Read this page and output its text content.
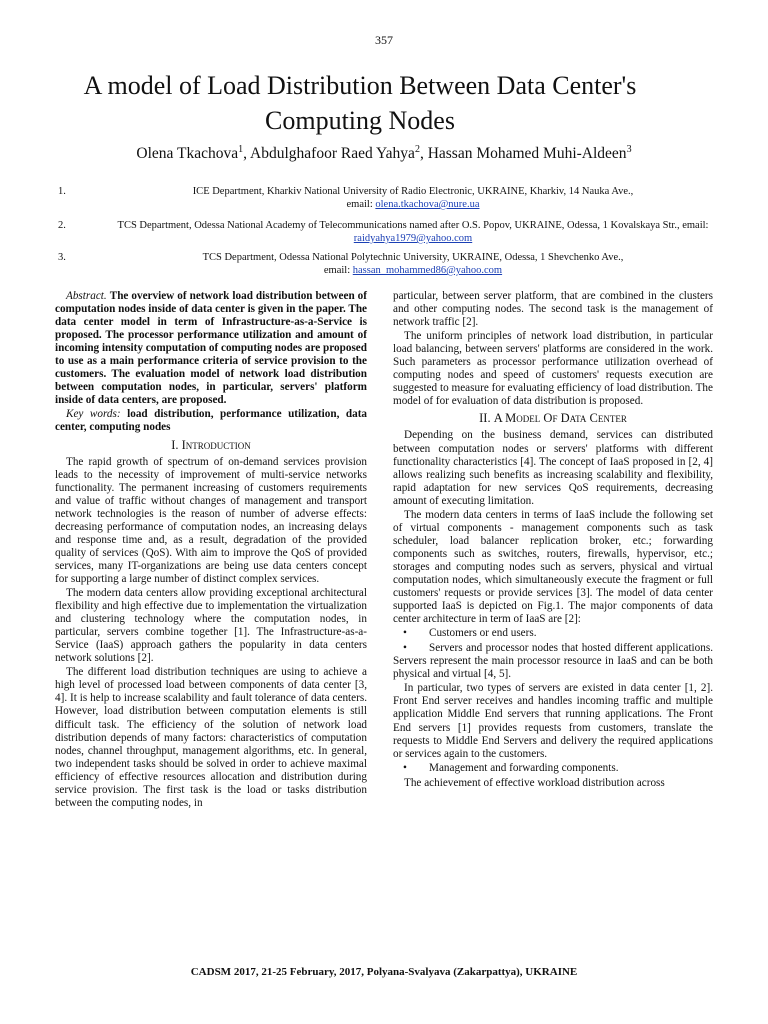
357
A model of Load Distribution Between Data Center's
Computing Nodes
Olena Tkachova$^1$, Abdulghafoor Raed Yahya$^2$, Hassan Mohamed Muhi-Aldeen$^3$
1.	ICE Department, Kharkiv National University of Radio Electronic, UKRAINE, Kharkiv, 14 Nauka Ave.,
email: olena.tkachova@nure.ua
2.	TCS Department, Odessa National Academy of Telecommunications named after O.S. Popov, UKRAINE, Odessa, 1 Kovalskaya Str., email: raidyahya1979@yahoo.com
3.	TCS Department, Odessa National Polytechnic University, UKRAINE, Odessa, 1 Shevchenko Ave.,
email: hassan_mohammed86@yahoo.com

Abstract. The overview of network load distribution between of computation nodes inside of data center is given in the paper. The data center model in term of Infrastructure-as-a-Service is proposed. The processor performance utilization and amount of incoming intensity computation of computing nodes are proposed to use as a main performance criteria of service provision to the customers. The evaluation model of network load distribution between computation nodes, in particular, servers' platform inside of data centers, are proposed.

Key words: load distribution, performance utilization, data center, computing nodes

I. Introduction

The rapid growth of spectrum of on-demand services provision leads to the necessity of improvement of multi-service networks functionality. The permanent increasing of customers requirements and value of traffic without changes of management and transport network technologies is the reason of number of adverse effects: decreasing performance of computation nodes, an increasing delays and response time and, as a result, degradation of the provided quality of services (QoS). With aim to improve the QoS of provided services, many IT-organizations are being use data centers concept for supporting a large number of distinct complex services.

The modern data centers allow providing exceptional architectural flexibility and high effective due to implementation the virtualization and clustering technology where the computation nodes, in particular, servers combine together [1]. The Infrastructure-as-a-Service (IaaS) approach gathers the popularity in data centers network solutions [2].

The different load distribution techniques are using to achieve a high level of processed load between components of data center [3, 4]. It is help to increase scalability and fault tolerance of data centers. However, load distribution between computation elements is still difficult task. The efficiency of the solution of network load distribution depends of many factors: characteristics of computation nodes, channel throughput, management algorithms, etc. In general, two independent tasks should be solved in order to achieve maximal efficiency of effective resources allocation and distribution during service provision. The first task is the load or tasks distribution between the computing nodes, in

particular, between server platform, that are combined in the clusters and other computing nodes. The second task is the management of network traffic [2].

The uniform principles of network load distribution, in particular load balancing, between servers' platforms are considered in the work. Such parameters as processor performance utilization overhead of computing nodes and speed of customers' requests execution are suggested to measure for evaluating efficiency of load distribution. The model of for evaluation of data distribution is proposed.

II. A Model Of Data Center

Depending on the business demand, services can distributed between computation nodes or servers' platforms with different functionality characteristics [4]. The concept of IaaS proposed in [2, 4] allows realizing such benefits as increasing scalability and flexibility, rapid adaptation for new services QoS requirements, decreasing amount of executing limitation.

The modern data centers in terms of IaaS include the following set of virtual components - management components such as task scheduler, load balancer replication broker, etc.; forwarding components such as switches, routers, firewalls, hypervisor, etc.; storages and computing nodes such as servers, physical and virtual computation nodes, which simultaneously execute the fragment or full customers' requests or provide services [3]. The model of data center supported IaaS is depicted on Fig.1. The major components of data center architecture in term of IaaS are [2]:

• Customers or end users.

• Servers and processor nodes that hosted different applications. Servers represent the main processor resource in IaaS and can be both physical and virtual [4, 5].

In particular, two types of servers are existed in data center [1, 2]. Front End server receives and handles incoming traffic and multiple application Middle End servers that running applications. The Front End servers [1] provides requests from customers, translate the requests to Middle End Servers and delivery the required applications or services again to the customers.

• Management and forwarding components.

The achievement of effective workload distribution across

CADSM 2017, 21-25 February, 2017, Polyana-Svalyava (Zakarpattya), UKRAINE
